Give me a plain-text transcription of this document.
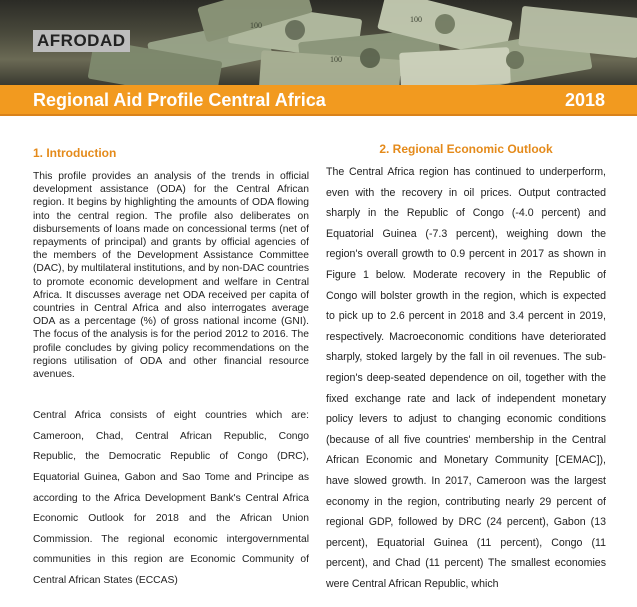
100
100
100
AFRODAD
Regional Aid Profile Central Africa	2018
1. Introduction

This profile provides an analysis of the trends in official development assistance (ODA) for the Central African region. It begins by highlighting the amounts of ODA flowing into the central region. The profile also deliberates on disbursements of loans made on concessional terms (net of repayments of principal) and grants by official agencies of the members of the Development Assistance Committee (DAC), by multilateral institutions, and by non-DAC countries to promote economic development and welfare in Central Africa. It discusses average net ODA received per capita of countries in Central Africa and also interrogates average ODA as a percentage (%) of gross national income (GNI). The focus of the analysis is for the period 2012 to 2016. The profile concludes by giving policy recommendations on the regions utilisation of ODA and other financial resource avenues.

Central Africa consists of eight countries which are: Cameroon, Chad, Central African Republic, Congo Republic, the Democratic Republic of Congo (DRC), Equatorial Guinea, Gabon and Sao Tome and Principe as according to the Africa Development Bank's Central Africa Economic Outlook for 2018 and the African Union Commission. The regional economic intergovernmental communities in this region are Economic Community of Central African States (ECCAS)

2. Regional Economic Outlook

The Central Africa region has continued to underperform, even with the recovery in oil prices. Output contracted sharply in the Republic of Congo (-4.0 percent) and Equatorial Guinea (-7.3 percent), weighing down the region's overall growth to 0.9 percent in 2017 as shown in Figure 1 below. Moderate recovery in the Republic of Congo will bolster growth in the region, which is expected to pick up to 2.6 percent in 2018 and 3.4 percent in 2019, respectively. Macroeconomic conditions have deteriorated sharply, stoked largely by the fall in oil revenues. The sub-region's deep-seated dependence on oil, together with the fixed exchange rate and lack of independent monetary policy levers to adjust to changing economic conditions (because of all five countries' membership in the Central African Economic and Monetary Community [CEMAC]), have slowed growth. In 2017, Cameroon was the largest economy in the region, contributing nearly 29 percent of regional GDP, followed by DRC (24 percent), Gabon (13 percent), Equatorial Guinea (11 percent), Congo (11 percent), and Chad (11 percent) The smallest economies were Central African Republic, which
